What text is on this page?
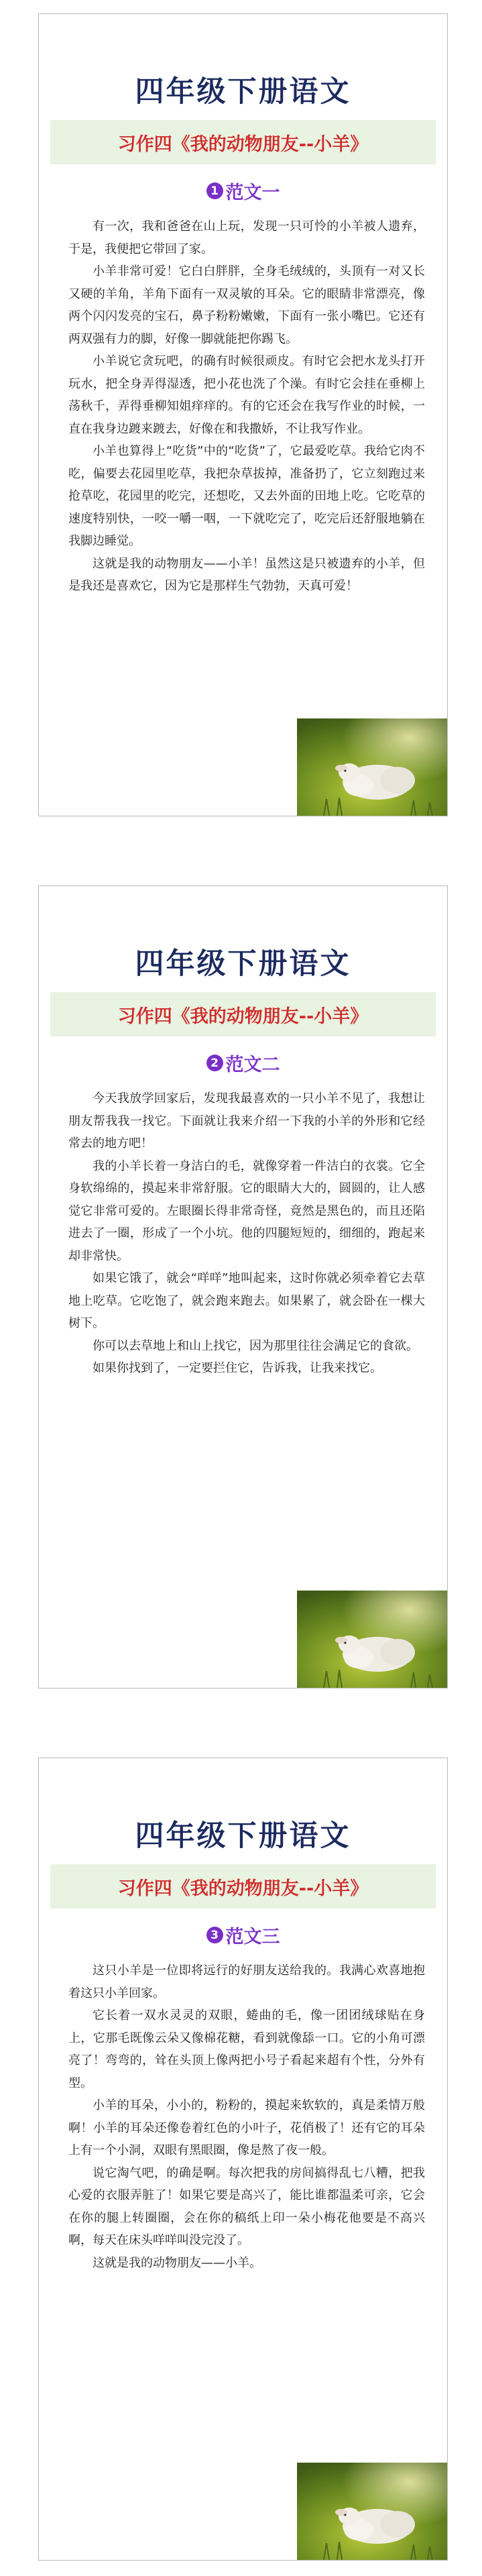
四年级下册语文
习作四《我的动物朋友--小羊》
1 范文一

有一次，我和爸爸在山上玩，发现一只可怜的小羊被人遗弃，于是，我便把它带回了家。

小羊非常可爱！它白白胖胖，全身毛绒绒的，头顶有一对又长又硬的羊角，羊角下面有一双灵敏的耳朵。它的眼睛非常漂亮，像两个闪闪发亮的宝石，鼻子粉粉嫩嫩，下面有一张小嘴巴。它还有两双强有力的脚，好像一脚就能把你踢飞。

小羊说它贪玩吧，的确有时候很顽皮。有时它会把水龙头打开玩水，把全身弄得湿透，把小花也洗了个澡。有时它会挂在垂柳上荡秋千，弄得垂柳知姐痒痒的。有的它还会在我写作业的时候，一直在我身边踱来踱去，好像在和我撒娇，不让我写作业。

小羊也算得上“吃货”中的“吃货”了，它最爱吃草。我给它肉不吃，偏要去花园里吃草，我把杂草拔掉，准备扔了，它立刻跑过来抢草吃，花园里的吃完，还想吃，又去外面的田地上吃。它吃草的速度特别快，一咬一嚼一咽，一下就吃完了，吃完后还舒服地躺在我脚边睡觉。

这就是我的动物朋友——小羊！虽然这是只被遗弃的小羊，但是我还是喜欢它，因为它是那样生气勃勃，天真可爱！

四年级下册语文
习作四《我的动物朋友--小羊》
2 范文二

今天我放学回家后，发现我最喜欢的一只小羊不见了，我想让朋友帮我我一找它。下面就让我来介绍一下我的小羊的外形和它经常去的地方吧！

我的小羊长着一身洁白的毛，就像穿着一件洁白的衣裳。它全身软绵绵的，摸起来非常舒服。它的眼睛大大的，圆圆的，让人感觉它非常可爱的。左眼圈长得非常奇怪，竟然是黑色的，而且还陷进去了一圈，形成了一个小坑。他的四腿短短的，细细的，跑起来却非常快。

如果它饿了，就会“咩咩”地叫起来，这时你就必须牵着它去草地上吃草。它吃饱了，就会跑来跑去。如果累了，就会卧在一棵大树下。

你可以去草地上和山上找它，因为那里往往会满足它的食欲。

如果你找到了，一定要拦住它，告诉我，让我来找它。

四年级下册语文
习作四《我的动物朋友--小羊》
3 范文三

这只小羊是一位即将远行的好朋友送给我的。我满心欢喜地抱着这只小羊回家。

它长着一双水灵灵的双眼，蜷曲的毛，像一团团绒球贴在身上，它那毛既像云朵又像棉花糖，看到就像舔一口。它的小角可漂亮了！弯弯的，耸在头顶上像两把小号子看起来超有个性，分外有型。

小羊的耳朵，小小的，粉粉的，摸起来软软的，真是柔情万般啊！小羊的耳朵还像卷着红色的小叶子，花俏极了！还有它的耳朵上有一个小洞，双眼有黑眼圈，像是熬了夜一般。

说它淘气吧，的确是啊。每次把我的房间搞得乱七八糟，把我心爱的衣服弄脏了！如果它要是高兴了，能比谁都温柔可亲，它会在你的腿上转圈圈，会在你的稿纸上印一朵小梅花他要是不高兴啊，每天在床头咩咩叫没完没了。

这就是我的动物朋友——小羊。
